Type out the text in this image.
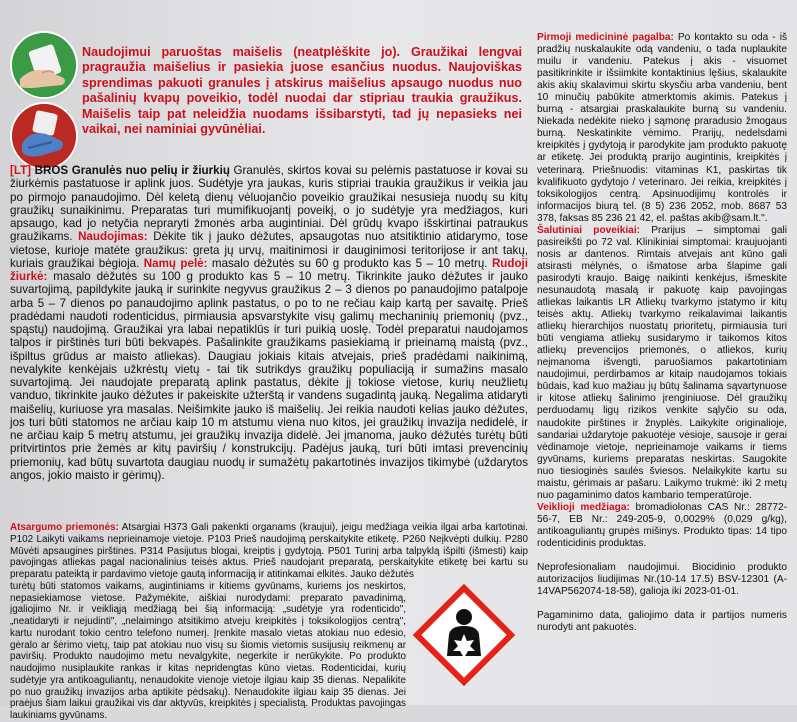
Naudojimui paruoštas maišelis (neatplėškite jo). Graužikai lengvai pragraužia maišelius ir pasiekia juose esančius nuodus. Naujoviškas sprendimas pakuoti granules į atskirus maišelius apsaugo nuodus nuo pašalinių kvapų poveikio, todėl nuodai dar stipriau traukia graužikus. Maišelis taip pat neleidžia nuodams išsibarstyti, tad jų nepasieks nei vaikai, nei naminiai gyvūnėliai.
[LT] BROS Granulės nuo pelių ir žiurkių Granulės, skirtos kovai su pelėmis pastatuose ir kovai su žiurkėmis pastatuose ir aplink juos. Sudėtyje yra jaukas, kuris stipriai traukia graužikus ir veikia jau po pirmojo panaudojimo. Dėl keletą dienų vėluojančio poveikio graužikai nesusieja nuodų su kitų graužikų sunaikinimu. Preparatas turi mumifikuojantį poveikį, o jo sudėtyje yra medžiagos, kuri apsaugo, kad jo netyčia nepraryti žmonės arba augintiniai. Dėl grūdų kvapo išskirtinai patraukus graužikams. Naudojimas: Dėkite tik į jauko dėžutes, apsaugotas nuo atsitiktinio atidarymo, tose vietose, kurioje matėte graužikus: greta jų urvų, maitinimosi ir dauginimosi teritorijose ir ant takų, kuriais graužikai bėgioja. Namų pelė: masalo dėžutės su 60 g produkto kas 5 – 10 metrų. Rudoji žiurkė: masalo dėžutės su 100 g produkto kas 5 – 10 metrų. Tikrinkite jauko dėžutes ir jauko suvartojimą, papildykite jauką ir surinkite negyvus graužikus 2 – 3 dienos po panaudojimo patalpoje arba 5 – 7 dienos po panaudojimo aplink pastatus, o po to ne rečiau kaip kartą per savaitę. Prieš pradėdami naudoti rodenticidus, pirmiausia apsvarstykite visų galimų mechaninių priemonių (pvz., spąstų) naudojimą. Graužikai yra labai nepatiklūs ir turi puikią uoslę. Todėl preparatui naudojamos talpos ir pirštinės turi būti bekvapės. Pašalinkite graužikams pasiekiamą ir prieinamą maistą (pvz., išpiltus grūdus ar maisto atliekas). Daugiau jokiais kitais atvejais, prieš pradėdami naikinimą, nevalykite kenkėjais užkrėstų vietų - tai tik sutrikdys graužikų populiaciją ir sumažins masalo suvartojimą. Jei naudojate preparatą aplink pastatus, dėkite jį tokiose vietose, kurių neužlietų vanduo, tikrinkite jauko dėžutes ir pakeiskite užterštą ir vandens sugadintą jauką. Negalima atidaryti maišelių, kuriuose yra masalas. Neišimkite jauko iš maišelių. Jei reikia naudoti kelias jauko dėžutes, jos turi būti statomos ne arčiau kaip 10 m atstumu viena nuo kitos, jei graužikų invazija nedidelė, ir ne arčiau kaip 5 metrų atstumu, jei graužikų invazija didelė. Jei įmanoma, jauko dėžutės turėtų būti pritvirtintos prie žemės ar kitų paviršių / konstrukcijų. Padėjus jauką, turi būti imtasi prevencinių priemonių, kad būtų suvartota daugiau nuodų ir sumažėtų pakartotinės invazijos tikimybė (uždarytos angos, jokio maisto ir gėrimų).

Atsargumo priemonės: Atsargiai H373 Gali pakenkti organams (kraujui), jeigu medžiaga veikia ilgai arba kartotinai. P102 Laikyti vaikams neprieinamoje vietoje. P103 Prieš naudojimą perskaitykite etiketę. P260 Neįkvėpti dulkių. P280 Mūvėti apsaugines pirštines. P314 Pasijutus blogai, kreiptis į gydytoją. P501 Turinį arba talpyklą išpilti (išmesti) kaip pavojingas atliekas pagal nacionalinius teisės aktus. Prieš naudojant preparatą, perskaitykite etiketę bei kartu su preparatu pateiktą ir pardavimo vietoje gautą informaciją ir atitinkamai elkitės. Jauko dėžutės

turėtų būti statomos vaikams, augintiniams ir kitiems gyvūnams, kuriems jos neskirtos, nepasiekiamose vietose. Pažymėkite, aiškiai nurodydami: preparato pavadinimą, įgaliojimo Nr. ir veikliąją medžiagą bei šią informaciją: „sudėtyje yra rodenticido", „neatidaryti ir nejudinti", „nelaimingo atsitikimo atveju kreipkitės į toksikologijos centrą", kartu nurodant tokio centro telefono numerį. Įrenkite masalo vietas atokiau nuo edesio, gėralo ar šėrimo vietų, taip pat atokiau nuo visų su šiomis vietomis susijusių reikmenų ar paviršių. Produkto naudojimo metu nevalgykite, negerkite ir nerūkykite. Po produkto naudojimo nusiplaukite rankas ir kitas nepridengtas kūno vietas. Rodenticidai, kurių sudėtyje yra antikoaguliantų, nenaudokite vienoje vietoje ilgiau kaip 35 dienas. Nepalikite po nuo graužikų invazijos arba aptikite pėdsakų). Nenaudokite ilgiau kaip 35 dienas. Jei praėjus šiam laikui graužikai vis dar aktyvūs, kreipkitės į specialistą. Produktas pavojingas laukiniams gyvūnams.

Pirmoji medicininė pagalba: Po kontakto su oda - iš pradžių nuskalaukite odą vandeniu, o tada nuplaukite muilu ir vandeniu. Patekus į akis - visuomet pasitikrinkite ir išsiimkite kontaktinius lęšius, skalaukite akis akių skalavimui skirtu skysčiu arba vandeniu, bent 10 minučių pabūkite atmerktomis akimis. Patekus į burną - atsargiai praskalaukite burną su vandeniu. Niekada nedėkite nieko į sąmonę praradusio žmogaus burną. Neskatinkite vėmimo. Prarijų, nedelsdami kreipkitės į gydytoją ir parodykite jam produkto pakuotę ar etiketę. Jei produktą prarijo augintinis, kreipkitės į veterinarą. Priešnuodis: vitaminas K1, paskirtas tik kvalifikuoto gydytojo / veterinaro. Jei reikia, kreipkitės į toksikologijos centrą. Apsinuodijimų kontrolės ir informacijos biurą tel. (8 5) 236 2052, mob. 8687 53 378, faksas 85 236 21 42, el. paštas akib@sam.lt.".

Šalutiniai poveikiai: Prarijus – simptomai gali pasireikšti po 72 val. Klinikiniai simptomai: kraujuojanti nosis ar dantenos. Rimtais atvejais ant kūno gali atsirasti mėlynės, o išmatose arba šlapime gali pasirodyti kraujo. Baigę naikinti kenkėjus, išmeskite nesunaudotą masalą ir pakuotę kaip pavojingas atliekas laikantis LR Atliekų tvarkymo įstatymo ir kitų teisės aktų. Atliekų tvarkymo reikalavimai laikantis atliekų hierarchijos nuostatų prioritetų, pirmiausia turi būti vengiama atliekų susidarymo ir taikomos kitos atliekų prevencijos priemonės, o atliekos, kurių neįmanoma išvengti, paruošiamos pakartotiniam naudojimui, perdirbamos ar kitaip naudojamos tokiais būdais, kad kuo mažiau jų būtų šalinama sąvartynuose ir kitose atliekų šalinimo įrenginiuose. Dėl graužikų perduodamų ligų rizikos venkite sąlyčio su oda, naudokite pirštines ir žnyplės. Laikykite originalioje, sandariai uždarytoje pakuotėje vėsioje, sausoje ir gerai vėdinamoje vietoje, neprieinamoje vaikams ir tiems gyvūnams, kuriems preparatas neskirtas. Saugokite nuo tiesioginės saulės šviesos. Nelaikykite kartu su maistu, gėrimais ar pašaru. Laikymo trukmė: iki 2 metų nuo pagaminimo datos kambario temperatūroje.

Veiklioji medžiaga: bromadiolonas CAS Nr.: 28772-56-7, EB Nr.: 249-205-9, 0,0029% (0,029 g/kg), antikoaguliantų grupės mišinys. Produkto tipas: 14 tipo rodenticidinis produktas.

Neprofesionaliam naudojimui. Biocidinio produkto autorizacijos liudijimas Nr.(10-14 17.5) BSV-12301 (A-14VAP562074-18-58), galioja iki 2023-01-01.

Pagaminimo data, galiojimo data ir partijos numeris nurodyti ant pakuotės.
